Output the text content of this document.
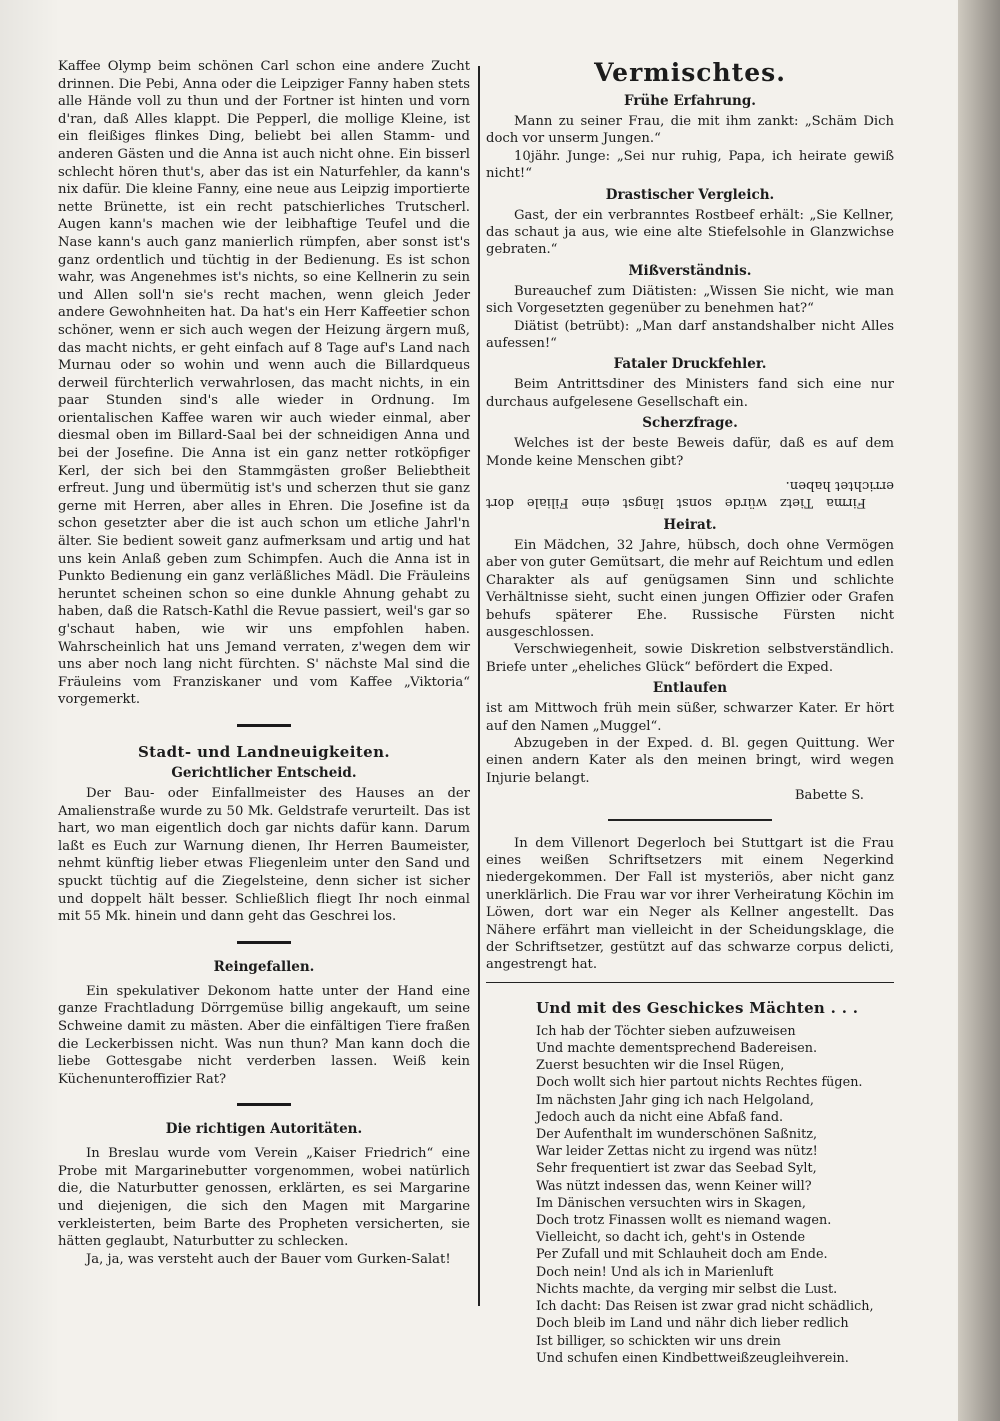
Kaffee Olymp beim schönen Carl schon eine andere Zucht drinnen. Die Pebi, Anna oder die Leipziger Fanny haben stets alle Hände voll zu thun und der Fortner ist hinten und vorn d'ran, daß Alles klappt. Die Pepperl, die mollige Kleine, ist ein fleißiges flinkes Ding, beliebt bei allen Stamm- und anderen Gästen und die Anna ist auch nicht ohne. Ein bisserl schlecht hören thut's, aber das ist ein Naturfehler, da kann's nix dafür. Die kleine Fanny, eine neue aus Leipzig importierte nette Brünette, ist ein recht patschierliches Trutscherl. Augen kann's machen wie der leibhaftige Teufel und die Nase kann's auch ganz manierlich rümpfen, aber sonst ist's ganz ordentlich und tüchtig in der Bedienung. Es ist schon wahr, was Angenehmes ist's nichts, so eine Kellnerin zu sein und Allen soll'n sie's recht machen, wenn gleich Jeder andere Gewohnheiten hat. Da hat's ein Herr Kaffeetier schon schöner, wenn er sich auch wegen der Heizung ärgern muß, das macht nichts, er geht einfach auf 8 Tage auf's Land nach Murnau oder so wohin und wenn auch die Billardqueus derweil fürchterlich verwahrlosen, das macht nichts, in ein paar Stunden sind's alle wieder in Ordnung. Im orientalischen Kaffee waren wir auch wieder einmal, aber diesmal oben im Billard-Saal bei der schneidigen Anna und bei der Josefine. Die Anna ist ein ganz netter rotköpfiger Kerl, der sich bei den Stammgästen großer Beliebtheit erfreut. Jung und übermütig ist's und scherzen thut sie ganz gerne mit Herren, aber alles in Ehren. Die Josefine ist da schon gesetzter aber die ist auch schon um etliche Jahrl'n älter. Sie bedient soweit ganz aufmerksam und artig und hat uns kein Anlaß geben zum Schimpfen. Auch die Anna ist in Punkto Bedienung ein ganz verläßliches Mädl. Die Fräuleins heruntet scheinen schon so eine dunkle Ahnung gehabt zu haben, daß die Ratsch-Kathl die Revue passiert, weil's gar so g'schaut haben, wie wir uns empfohlen haben. Wahrscheinlich hat uns Jemand verraten, z'wegen dem wir uns aber noch lang nicht fürchten. S' nächste Mal sind die Fräuleins vom Franziskaner und vom Kaffee „Viktoria“ vorgemerkt.

Stadt- und Landneuigkeiten.
Gerichtlicher Entscheid.

Der Bau- oder Einfallmeister des Hauses an der Amalienstraße wurde zu 50 Mk. Geldstrafe verurteilt. Das ist hart, wo man eigentlich doch gar nichts dafür kann. Darum laßt es Euch zur Warnung dienen, Ihr Herren Baumeister, nehmt künftig lieber etwas Fliegenleim unter den Sand und spuckt tüchtig auf die Ziegelsteine, denn sicher ist sicher und doppelt hält besser. Schließlich fliegt Ihr noch einmal mit 55 Mk. hinein und dann geht das Geschrei los.

Reingefallen.

Ein spekulativer Dekonom hatte unter der Hand eine ganze Frachtladung Dörrgemüse billig angekauft, um seine Schweine damit zu mästen. Aber die einfältigen Tiere fraßen die Leckerbissen nicht. Was nun thun? Man kann doch die liebe Gottesgabe nicht verderben lassen. Weiß kein Küchenunteroffizier Rat?

Die richtigen Autoritäten.

In Breslau wurde vom Verein „Kaiser Friedrich“ eine Probe mit Margarinebutter vorgenommen, wobei natürlich die, die Naturbutter genossen, erklärten, es sei Margarine und diejenigen, die sich den Magen mit Margarine verkleisterten, beim Barte des Propheten versicherten, sie hätten geglaubt, Naturbutter zu schlecken.

Ja, ja, was versteht auch der Bauer vom Gurken-Salat!

Vermischtes.
Frühe Erfahrung.

Mann zu seiner Frau, die mit ihm zankt: „Schäm Dich doch vor unserm Jungen.“

10jähr. Junge: „Sei nur ruhig, Papa, ich heirate gewiß nicht!“

Drastischer Vergleich.

Gast, der ein verbranntes Rostbeef erhält: „Sie Kellner, das schaut ja aus, wie eine alte Stiefelsohle in Glanzwichse gebraten.“

Mißverständnis.

Bureauchef zum Diätisten: „Wissen Sie nicht, wie man sich Vorgesetzten gegenüber zu benehmen hat?“

Diätist (betrübt): „Man darf anstandshalber nicht Alles aufessen!“

Fataler Druckfehler.

Beim Antrittsdiner des Ministers fand sich eine nur durchaus aufgelesene Gesellschaft ein.

Scherzfrage.

Welches ist der beste Beweis dafür, daß es auf dem Monde keine Menschen gibt?

Firma Tietz würde sonst längst eine Filiale dort errichtet haben.

Heirat.

Ein Mädchen, 32 Jahre, hübsch, doch ohne Vermögen aber von guter Gemütsart, die mehr auf Reichtum und edlen Charakter als auf genügsamen Sinn und schlichte Verhältnisse sieht, sucht einen jungen Offizier oder Grafen behufs späterer Ehe. Russische Fürsten nicht ausgeschlossen.

Verschwiegenheit, sowie Diskretion selbstverständlich. Briefe unter „eheliches Glück“ befördert die Exped.

Entlaufen

ist am Mittwoch früh mein süßer, schwarzer Kater. Er hört auf den Namen „Muggel“.

Abzugeben in der Exped. d. Bl. gegen Quittung. Wer einen andern Kater als den meinen bringt, wird wegen Injurie belangt.

Babette S.

In dem Villenort Degerloch bei Stuttgart ist die Frau eines weißen Schriftsetzers mit einem Negerkind niedergekommen. Der Fall ist mysteriös, aber nicht ganz unerklärlich. Die Frau war vor ihrer Verheiratung Köchin im Löwen, dort war ein Neger als Kellner angestellt. Das Nähere erfährt man vielleicht in der Scheidungsklage, die der Schriftsetzer, gestützt auf das schwarze corpus delicti, angestrengt hat.

Und mit des Geschickes Mächten . . .

Ich hab der Töchter sieben aufzuweisen

Und machte dementsprechend Badereisen.

Zuerst besuchten wir die Insel Rügen,

Doch wollt sich hier partout nichts Rechtes fügen.

Im nächsten Jahr ging ich nach Helgoland,

Jedoch auch da nicht eine Abfaß fand.

Der Aufenthalt im wunderschönen Saßnitz,

War leider Zettas nicht zu irgend was nütz!

Sehr frequentiert ist zwar das Seebad Sylt,

Was nützt indessen das, wenn Keiner will?

Im Dänischen versuchten wirs in Skagen,

Doch trotz Finassen wollt es niemand wagen.

Vielleicht, so dacht ich, geht's in Ostende

Per Zufall und mit Schlauheit doch am Ende.

Doch nein! Und als ich in Marienluft

Nichts machte, da verging mir selbst die Lust.

Ich dacht: Das Reisen ist zwar grad nicht schädlich,

Doch bleib im Land und nähr dich lieber redlich

Ist billiger, so schickten wir uns drein

Und schufen einen Kindbettweißzeugleihverein.
